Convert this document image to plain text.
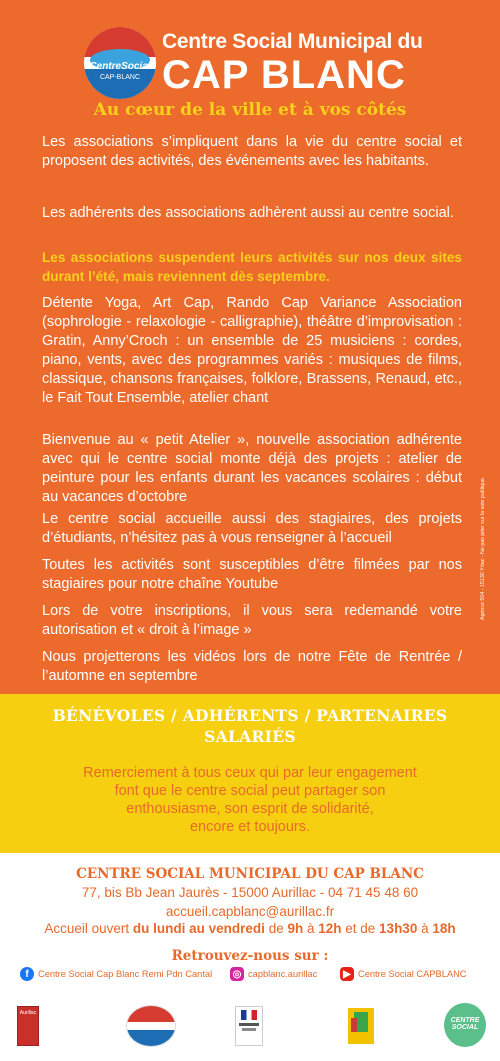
CentreSocial
CAP-BLANC
Centre Social Municipal du
CAP BLANC
Au cœur de la ville et à vos côtés
Les associations s’impliquent dans la vie du centre social et proposent des activités, des événements avec les habitants.
Les adhérents des associations adhèrent aussi au centre social.
Les associations suspendent leurs activités sur nos deux sites durant l’été, mais reviennent dès septembre.
Détente Yoga, Art Cap, Rando Cap Variance Association (sophrologie - relaxologie - calligraphie), théâtre d’improvisation : Gratin, Anny’Croch : un ensemble de 25 musiciens : cordes, piano, vents, avec des programmes variés : musiques de films, classique, chansons françaises, folklore, Brassens, Renaud, etc., le Fait Tout Ensemble, atelier chant
Bienvenue au « petit Atelier », nouvelle association adhérente avec qui le centre social monte déjà des projets : atelier de peinture pour les enfants durant les vacances scolaires : début au vacances d’octobre
Le centre social accueille aussi des stagiaires, des projets d’étudiants, n’hésitez pas à vous renseigner à l’accueil
Toutes les activités sont susceptibles d’être filmées par nos stagiaires pour notre chaîne Youtube
Lors de votre inscriptions, il vous sera redemandé votre autorisation et « droit à l’image »
Nous projetterons les vidéos lors de notre Fête de Rentrée / l’automne en septembre
Agence 504 - 15130 Yrtac - Ne pas jeter sur la voie publique.
BÉNÉVOLES / ADHÉRENTS / PARTENAIRES
SALARIÉS
Remerciement à tous ceux qui par leur engagement
font que le centre social peut partager son
enthousiasme, son esprit de solidarité,
encore et toujours.
CENTRE SOCIAL MUNICIPAL DU CAP BLANC
77, bis Bb Jean Jaurès - 15000 Aurillac - 04 71 45 48 60
accueil.capblanc@aurillac.fr
Accueil ouvert du lundi au vendredi de 9h à 12h et de 13h30 à 18h
Retrouvez-nous sur :
f	Centre Social Cap Blanc Remi Pdn Cantal ◎ capblanc.aurillac	▶ Centre Social CAPBLANC
Aurillac
CENTRE SOCIAL
